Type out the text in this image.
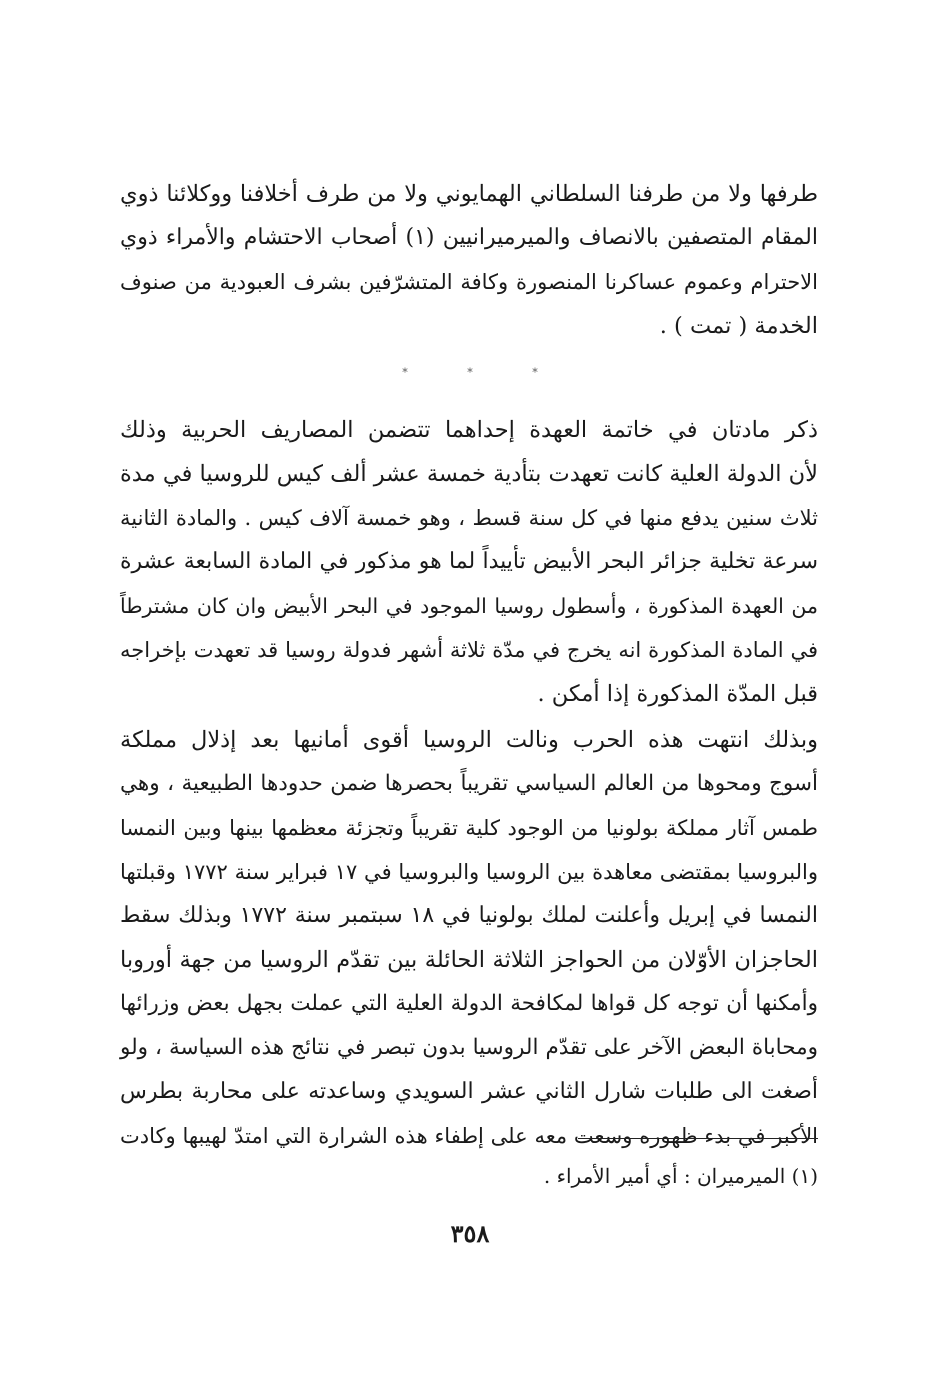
طرفها ولا من طرفنا السلطاني الهمايوني ولا من طرف أخلافنا ووكلائنا ذوي
المقام المتصفين بالانصاف والميرميرانيين (١) أصحاب الاحتشام والأمراء ذوي
الاحترام وعموم عساكرنا المنصورة وكافة المتشرّفين بشرف العبودية من صنوف
الخدمة ( تمت ) .
*	*	*
ذكر مادتان في خاتمة العهدة إحداهما تتضمن المصاريف الحربية وذلك
لأن الدولة العلية كانت تعهدت بتأدية خمسة عشر ألف كيس للروسيا في مدة
ثلاث سنين يدفع منها في كل سنة قسط ، وهو خمسة آلاف كيس . والمادة الثانية
سرعة تخلية جزائر البحر الأبيض تأييداً لما هو مذكور في المادة السابعة عشرة
من العهدة المذكورة ، وأسطول روسيا الموجود في البحر الأبيض وان كان مشترطاً
في المادة المذكورة انه يخرج في مدّة ثلاثة أشهر فدولة روسيا قد تعهدت بإخراجه
قبل المدّة المذكورة إذا أمكن .
وبذلك انتهت هذه الحرب ونالت الروسيا أقوى أمانيها بعد إذلال مملكة
أسوج ومحوها من العالم السياسي تقريباً بحصرها ضمن حدودها الطبيعية ، وهي
طمس آثار مملكة بولونيا من الوجود كلية تقريباً وتجزئة معظمها بينها وبين النمسا
والبروسيا بمقتضى معاهدة بين الروسيا والبروسيا في ١٧ فبراير سنة ١٧٧٢ وقبلتها
النمسا في إبريل وأعلنت لملك بولونيا في ١٨ سبتمبر سنة ١٧٧٢ وبذلك سقط
الحاجزان الأوّلان من الحواجز الثلاثة الحائلة بين تقدّم الروسيا من جهة أوروبا
وأمكنها أن توجه كل قواها لمكافحة الدولة العلية التي عملت بجهل بعض وزرائها
ومحاباة البعض الآخر على تقدّم الروسيا بدون تبصر في نتائج هذه السياسة ، ولو
أصغت الى طلبات شارل الثاني عشر السويدي وساعدته على محاربة بطرس
الأكبر في بدء ظهوره وسعت معه على إطفاء هذه الشرارة التي امتدّ لهيبها وكادت
(١) الميرميران : أي أمير الأمراء .
٣٥٨
